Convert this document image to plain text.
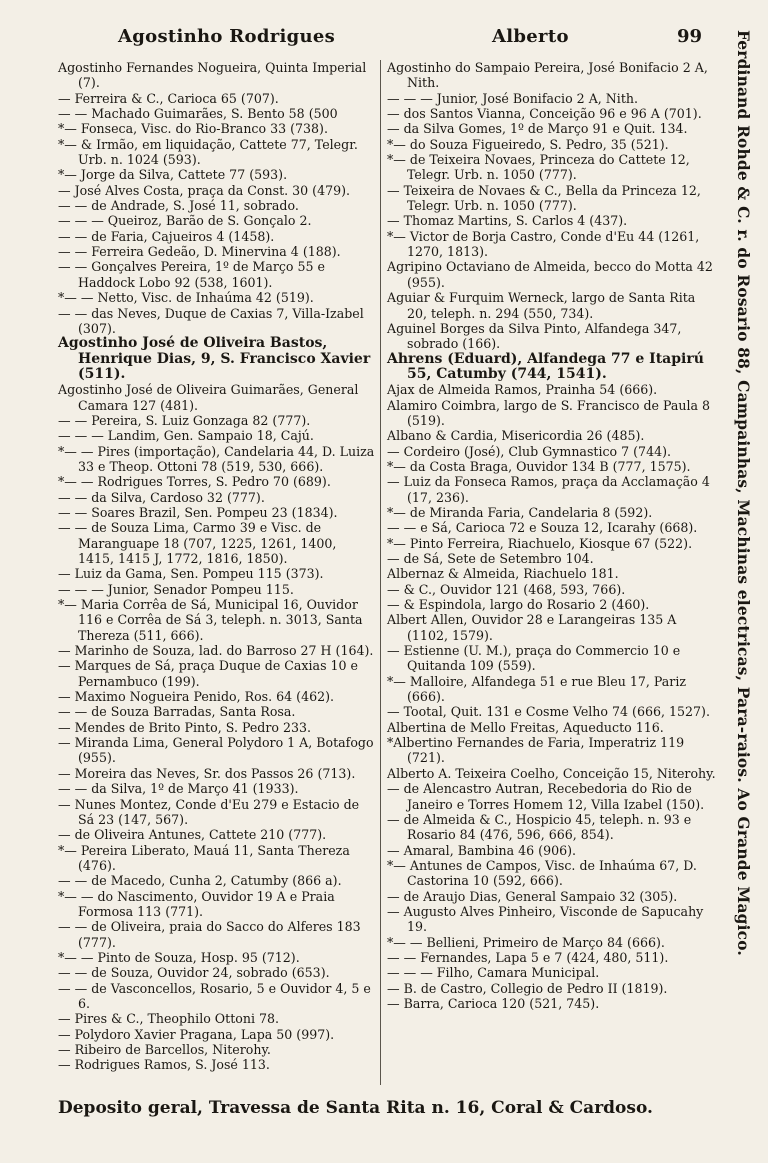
Agostinho Rodrigues	Alberto	99

Agostinho Fernandes Nogueira, Quinta Imperial (7).

— Ferreira & C., Carioca 65 (707).

— — Machado Guimarães, S. Bento 58 (500

*— Fonseca, Visc. do Rio-Branco 33 (738).

*— & Irmão, em liquidação, Cattete 77, Telegr. Urb. n. 1024 (593).

*— Jorge da Silva, Cattete 77 (593).

— José Alves Costa, praça da Const. 30 (479).

— — de Andrade, S. José 11, sobrado.

— — — Queiroz, Barão de S. Gonçalo 2.

— — de Faria, Cajueiros 4 (1458).

— — Ferreira Gedeão, D. Minervina 4 (188).

— — Gonçalves Pereira, 1º de Março 55 e Haddock Lobo 92 (538, 1601).

*— — Netto, Visc. de Inhaúma 42 (519).

— — das Neves, Duque de Caxias 7, Villa-Izabel (307).

Agostinho José de Oliveira Bastos, Henrique Dias, 9, S. Francisco Xavier (511).

Agostinho José de Oliveira Guimarães, General Camara 127 (481).

— — Pereira, S. Luiz Gonzaga 82 (777).

— — — Landim, Gen. Sampaio 18, Cajú.

*— — Pires (importação), Candelaria 44, D. Luiza 33 e Theop. Ottoni 78 (519, 530, 666).

*— — Rodrigues Torres, S. Pedro 70 (689).

— — da Silva, Cardoso 32 (777).

— — Soares Brazil, Sen. Pompeu 23 (1834).

— — de Souza Lima, Carmo 39 e Visc. de Maranguape 18 (707, 1225, 1261, 1400, 1415, 1415 J, 1772, 1816, 1850).

— Luiz da Gama, Sen. Pompeu 115 (373).

— — — Junior, Senador Pompeu 115.

*— Maria Corrêa de Sá, Municipal 16, Ouvidor 116 e Corrêa de Sá 3, teleph. n. 3013, Santa Thereza (511, 666).

— Marinho de Souza, lad. do Barroso 27 H (164).

— Marques de Sá, praça Duque de Caxias 10 e Pernambuco (199).

— Maximo Nogueira Penido, Ros. 64 (462).

— — de Souza Barradas, Santa Rosa.

— Mendes de Brito Pinto, S. Pedro 233.

— Miranda Lima, General Polydoro 1 A, Botafogo (955).

— Moreira das Neves, Sr. dos Passos 26 (713).

— — da Silva, 1º de Março 41 (1933).

— Nunes Montez, Conde d'Eu 279 e Estacio de Sá 23 (147, 567).

— de Oliveira Antunes, Cattete 210 (777).

*— Pereira Liberato, Mauá 11, Santa Thereza (476).

— — de Macedo, Cunha 2, Catumby (866 a).

*— — do Nascimento, Ouvidor 19 A e Praia Formosa 113 (771).

— — de Oliveira, praia do Sacco do Alferes 183 (777).

*— — Pinto de Souza, Hosp. 95 (712).

— — de Souza, Ouvidor 24, sobrado (653).

— — de Vasconcellos, Rosario, 5 e Ouvidor 4, 5 e 6.

— Pires & C., Theophilo Ottoni 78.

— Polydoro Xavier Pragana, Lapa 50 (997).

— Ribeiro de Barcellos, Niterohy.

— Rodrigues Ramos, S. José 113.

Agostinho do Sampaio Pereira, José Bonifacio 2 A, Nith.

— — — Junior, José Bonifacio 2 A, Nith.

— dos Santos Vianna, Conceição 96 e 96 A (701).

— da Silva Gomes, 1º de Março 91 e Quit. 134.

*— do Souza Figueiredo, S. Pedro, 35 (521).

*— de Teixeira Novaes, Princeza do Cattete 12, Telegr. Urb. n. 1050 (777).

— Teixeira de Novaes & C., Bella da Princeza 12, Telegr. Urb. n. 1050 (777).

— Thomaz Martins, S. Carlos 4 (437).

*— Victor de Borja Castro, Conde d'Eu 44 (1261, 1270, 1813).

Agripino Octaviano de Almeida, becco do Motta 42 (955).

Aguiar & Furquim Werneck, largo de Santa Rita 20, teleph. n. 294 (550, 734).

Aguinel Borges da Silva Pinto, Alfandega 347, sobrado (166).

Ahrens (Eduard), Alfandega 77 e Itapirú 55, Catumby (744, 1541).

Ajax de Almeida Ramos, Prainha 54 (666).

Alamiro Coimbra, largo de S. Francisco de Paula 8 (519).

Albano & Cardia, Misericordia 26 (485).

— Cordeiro (José), Club Gymnastico 7 (744).

*— da Costa Braga, Ouvidor 134 B (777, 1575).

— Luiz da Fonseca Ramos, praça da Acclamação 4 (17, 236).

*— de Miranda Faria, Candelaria 8 (592).

— — e Sá, Carioca 72 e Souza 12, Icarahy (668).

*— Pinto Ferreira, Riachuelo, Kiosque 67 (522).

— de Sá, Sete de Setembro 104.

Albernaz & Almeida, Riachuelo 181.

— & C., Ouvidor 121 (468, 593, 766).

— & Espindola, largo do Rosario 2 (460).

Albert Allen, Ouvidor 28 e Larangeiras 135 A (1102, 1579).

— Estienne (U. M.), praça do Commercio 10 e Quitanda 109 (559).

*— Malloire, Alfandega 51 e rue Bleu 17, Pariz (666).

— Tootal, Quit. 131 e Cosme Velho 74 (666, 1527).

Albertina de Mello Freitas, Aqueducto 116.

*Albertino Fernandes de Faria, Imperatriz 119 (721).

Alberto A. Teixeira Coelho, Conceição 15, Niterohy.

— de Alencastro Autran, Recebedoria do Rio de Janeiro e Torres Homem 12, Villa Izabel (150).

— de Almeida & C., Hospicio 45, teleph. n. 93 e Rosario 84 (476, 596, 666, 854).

— Amaral, Bambina 46 (906).

*— Antunes de Campos, Visc. de Inhaúma 67, D. Castorina 10 (592, 666).

— de Araujo Dias, General Sampaio 32 (305).

— Augusto Alves Pinheiro, Visconde de Sapucahy 19.

*— — Bellieni, Primeiro de Março 84 (666).

— — Fernandes, Lapa 5 e 7 (424, 480, 511).

— — — Filho, Camara Municipal.

— B. de Castro, Collegio de Pedro II (1819).

— Barra, Carioca 120 (521, 745).

Deposito geral, Travessa de Santa Rita n. 16, Coral & Cardoso.
Ferdinand Rohde & C. r. do Rosario 88, Campainhas, Machinas electricas, Para-raios. Ao Grande Magico.
